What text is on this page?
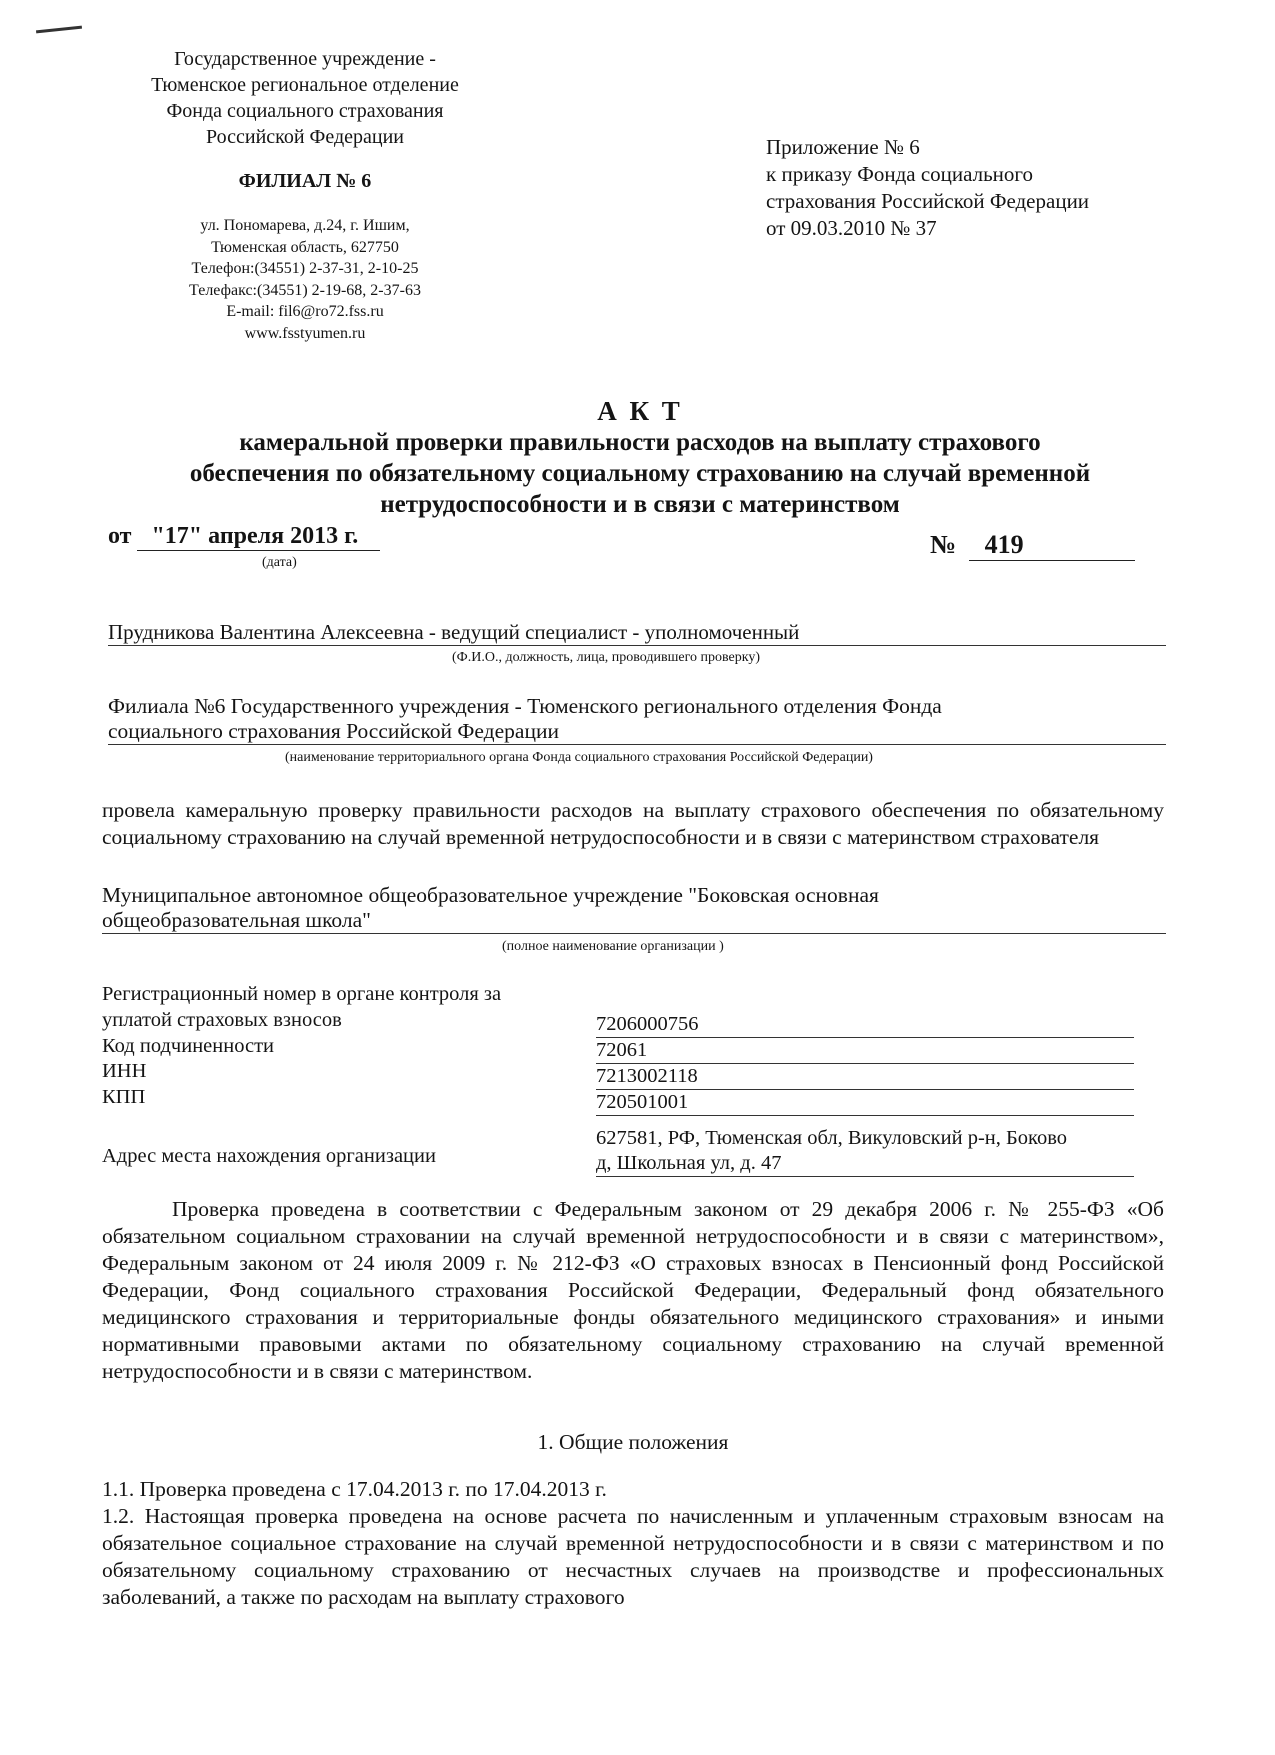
Государственное учреждение -
Тюменское региональное отделение
Фонда социального страхования
Российской Федерации
ФИЛИАЛ № 6
ул. Пономарева, д.24, г. Ишим,
Тюменская область, 627750
Телефон:(34551) 2-37-31, 2-10-25
Телефакс:(34551) 2-19-68, 2-37-63
E-mail: fil6@ro72.fss.ru
www.fsstyumen.ru
Приложение № 6
к приказу Фонда социального
страхования Российской Федерации
от 09.03.2010 № 37
А К Т
камеральной проверки правильности расходов на выплату страхового
обеспечения по обязательному социальному страхованию на случай временной
нетрудоспособности и в связи с материнством
от "17" апреля 2013 г.
(дата)
№ 419
Прудникова Валентина Алексеевна - ведущий специалист - уполномоченный
(Ф.И.О., должность, лица, проводившего проверку)
Филиала №6 Государственного учреждения - Тюменского регионального отделения Фонда
социального страхования Российской Федерации
(наименование территориального органа Фонда социального страхования Российской Федерации)
провела камеральную проверку правильности расходов на выплату страхового обеспечения по обязательному социальному страхованию на случай временной нетрудоспособности и в связи с материнством страхователя
Муниципальное автономное общеобразовательное учреждение "Боковская основная
общеобразовательная школа"
(полное наименование организации )
Регистрационный номер в органе контроля за
уплатой страховых взносов	7206000756
Код подчиненности	72061
ИНН	7213002118
КПП	720501001
627581, РФ, Тюменская обл, Викуловский р-н, Боково
Адрес места нахождения организации	д, Школьная ул, д. 47
Проверка проведена в соответствии с Федеральным законом от 29 декабря 2006 г. № 255-ФЗ «Об обязательном социальном страховании на случай временной нетрудоспособности и в связи с материнством», Федеральным законом от 24 июля 2009 г. № 212-ФЗ «О страховых взносах в Пенсионный фонд Российской Федерации, Фонд социального страхования Российской Федерации, Федеральный фонд обязательного медицинского страхования и территориальные фонды обязательного медицинского страхования» и иными нормативными правовыми актами по обязательному социальному страхованию на случай временной нетрудоспособности и в связи с материнством.
1. Общие положения
1.1. Проверка проведена с 17.04.2013 г. по 17.04.2013 г.
1.2. Настоящая проверка проведена на основе расчета по начисленным и уплаченным страховым взносам на обязательное социальное страхование на случай временной нетрудоспособности и в связи с материнством и по обязательному социальному страхованию от несчастных случаев на производстве и профессиональных заболеваний, а также по расходам на выплату страхового
